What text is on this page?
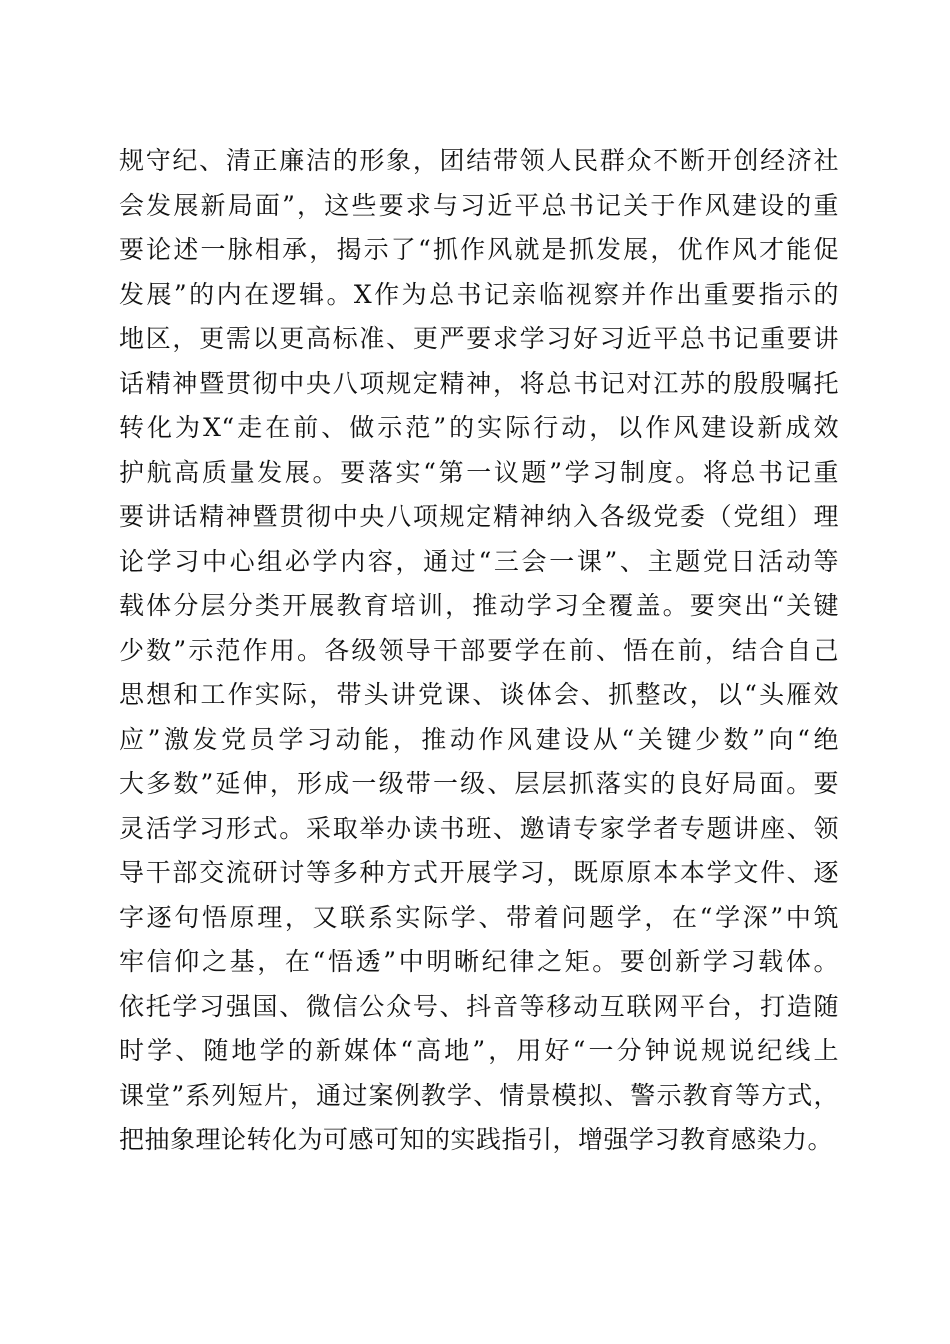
规守纪、清正廉洁的形象，团结带领人民群众不断开创经济社
会发展新局面”，这些要求与习近平总书记关于作风建设的重
要论述一脉相承，揭示了“抓作风就是抓发展，优作风才能促
发展”的内在逻辑。X作为总书记亲临视察并作出重要指示的
地区，更需以更高标准、更严要求学习好习近平总书记重要讲
话精神暨贯彻中央八项规定精神，将总书记对江苏的殷殷嘱托
转化为X“走在前、做示范”的实际行动，以作风建设新成效
护航高质量发展。要落实“第一议题”学习制度。将总书记重
要讲话精神暨贯彻中央八项规定精神纳入各级党委（党组）理
论学习中心组必学内容，通过“三会一课”、主题党日活动等
载体分层分类开展教育培训，推动学习全覆盖。要突出“关键
少数”示范作用。各级领导干部要学在前、悟在前，结合自己
思想和工作实际，带头讲党课、谈体会、抓整改，以“头雁效
应”激发党员学习动能，推动作风建设从“关键少数”向“绝
大多数”延伸，形成一级带一级、层层抓落实的良好局面。要
灵活学习形式。采取举办读书班、邀请专家学者专题讲座、领
导干部交流研讨等多种方式开展学习，既原原本本学文件、逐
字逐句悟原理，又联系实际学、带着问题学，在“学深”中筑
牢信仰之基，在“悟透”中明晰纪律之矩。要创新学习载体。
依托学习强国、微信公众号、抖音等移动互联网平台，打造随
时学、随地学的新媒体“高地”，用好“一分钟说规说纪线上
课堂”系列短片，通过案例教学、情景模拟、警示教育等方式，
把抽象理论转化为可感可知的实践指引，增强学习教育感染力。
